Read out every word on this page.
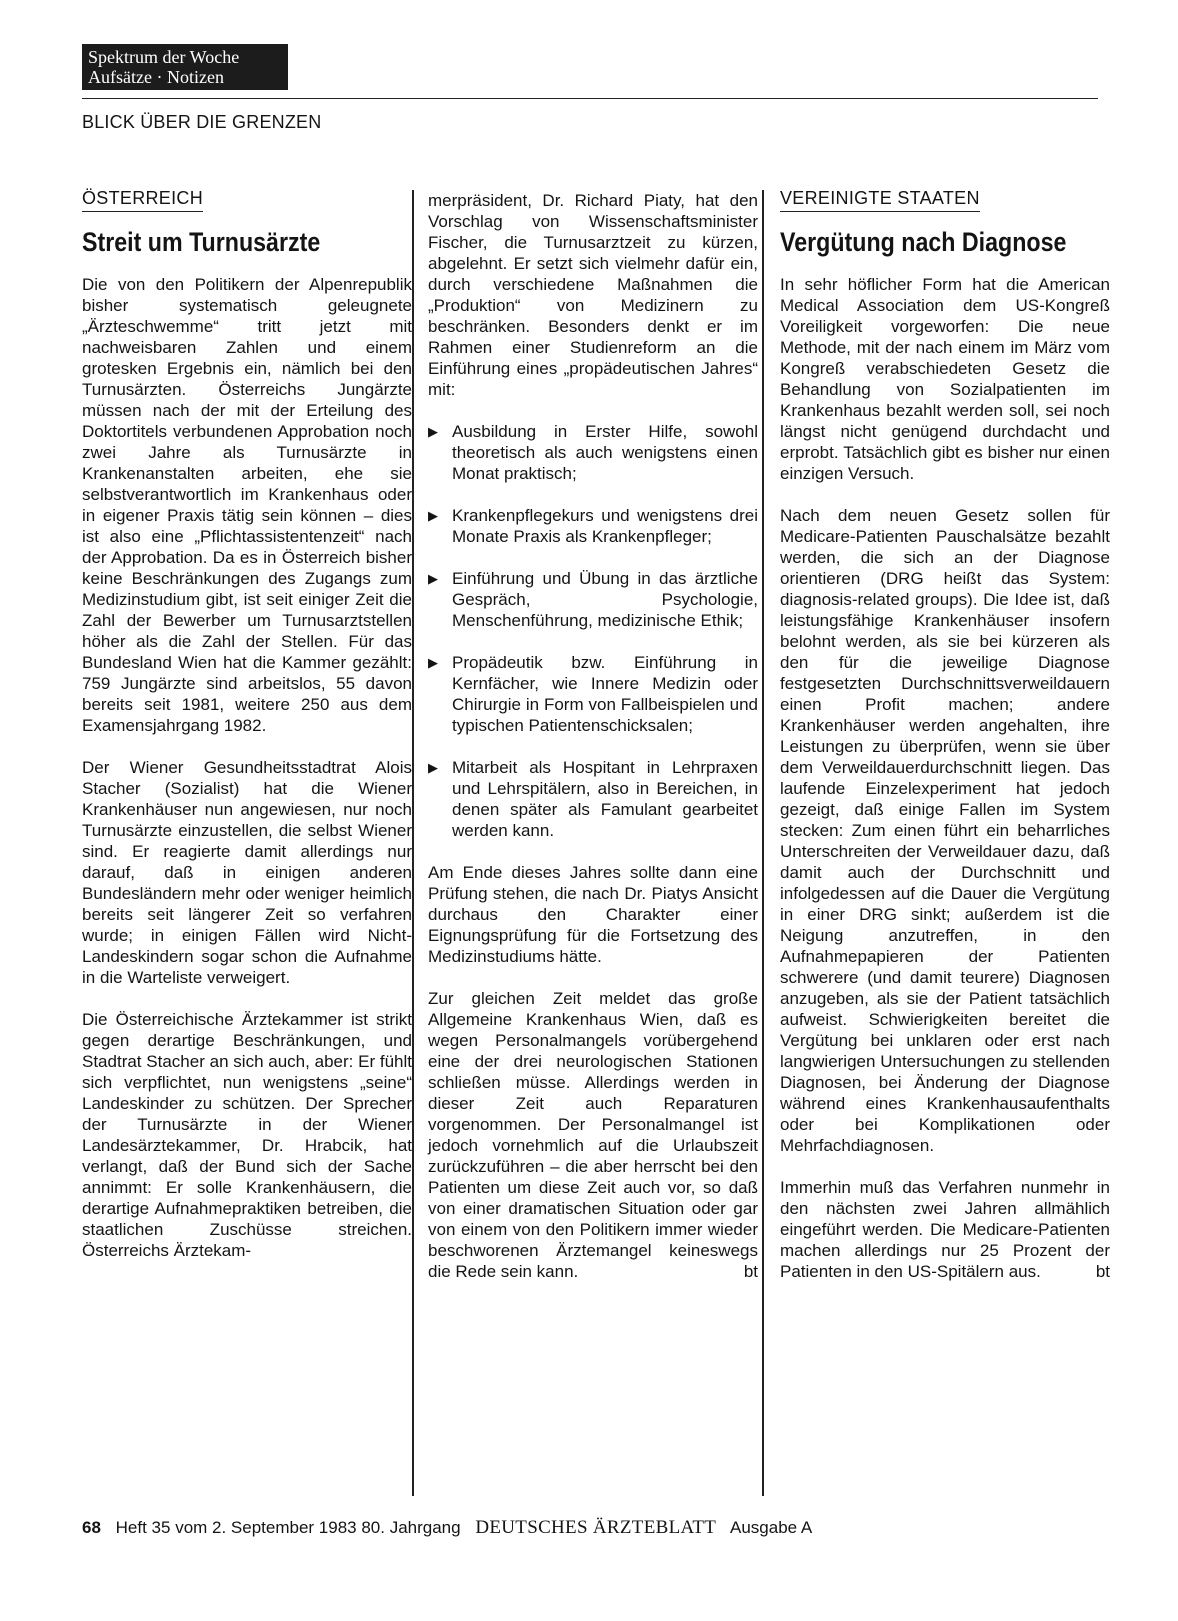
Spektrum der Woche
Aufsätze · Notizen
BLICK ÜBER DIE GRENZEN
ÖSTERREICH
Streit um Turnusärzte

Die von den Politikern der Alpenrepublik bisher systematisch geleugnete „Ärzteschwemme“ tritt jetzt mit nachweisbaren Zahlen und einem grotesken Ergebnis ein, nämlich bei den Turnusärzten. Österreichs Jungärzte müssen nach der mit der Erteilung des Doktortitels verbundenen Approbation noch zwei Jahre als Turnusärzte in Krankenanstalten arbeiten, ehe sie selbstverantwortlich im Krankenhaus oder in eigener Praxis tätig sein können – dies ist also eine „Pflichtassistentenzeit“ nach der Approbation. Da es in Österreich bisher keine Beschränkungen des Zugangs zum Medizinstudium gibt, ist seit einiger Zeit die Zahl der Bewerber um Turnusarztstellen höher als die Zahl der Stellen. Für das Bundesland Wien hat die Kammer gezählt: 759 Jungärzte sind arbeitslos, 55 davon bereits seit 1981, weitere 250 aus dem Examensjahrgang 1982.

Der Wiener Gesundheitsstadtrat Alois Stacher (Sozialist) hat die Wiener Krankenhäuser nun angewiesen, nur noch Turnusärzte einzustellen, die selbst Wiener sind. Er reagierte damit allerdings nur darauf, daß in einigen anderen Bundesländern mehr oder weniger heimlich bereits seit längerer Zeit so verfahren wurde; in einigen Fällen wird Nicht-Landeskindern sogar schon die Aufnahme in die Warteliste verweigert.

Die Österreichische Ärztekammer ist strikt gegen derartige Beschränkungen, und Stadtrat Stacher an sich auch, aber: Er fühlt sich verpflichtet, nun wenigstens „seine“ Landeskinder zu schützen. Der Sprecher der Turnusärzte in der Wiener Landesärztekammer, Dr. Hrabcik, hat verlangt, daß der Bund sich der Sache annimmt: Er solle Krankenhäusern, die derartige Aufnahmepraktiken betreiben, die staatlichen Zuschüsse streichen. Österreichs Ärztekam-

merpräsident, Dr. Richard Piaty, hat den Vorschlag von Wissenschaftsminister Fischer, die Turnusarztzeit zu kürzen, abgelehnt. Er setzt sich vielmehr dafür ein, durch verschiedene Maßnahmen die „Produktion“ von Medizinern zu beschränken. Besonders denkt er im Rahmen einer Studienreform an die Einführung eines „propädeutischen Jahres“ mit:

▶ Ausbildung in Erster Hilfe, sowohl theoretisch als auch wenigstens einen Monat praktisch;
▶ Krankenpflegekurs und wenigstens drei Monate Praxis als Krankenpfleger;
▶ Einführung und Übung in das ärztliche Gespräch, Psychologie, Menschenführung, medizinische Ethik;
▶ Propädeutik bzw. Einführung in Kernfächer, wie Innere Medizin oder Chirurgie in Form von Fallbeispielen und typischen Patientenschicksalen;
▶ Mitarbeit als Hospitant in Lehrpraxen und Lehrspitälern, also in Bereichen, in denen später als Famulant gearbeitet werden kann.

Am Ende dieses Jahres sollte dann eine Prüfung stehen, die nach Dr. Piatys Ansicht durchaus den Charakter einer Eignungsprüfung für die Fortsetzung des Medizinstudiums hätte.

Zur gleichen Zeit meldet das große Allgemeine Krankenhaus Wien, daß es wegen Personalmangels vorübergehend eine der drei neurologischen Stationen schließen müsse. Allerdings werden in dieser Zeit auch Reparaturen vorgenommen. Der Personalmangel ist jedoch vornehmlich auf die Urlaubszeit zurückzuführen – die aber herrscht bei den Patienten um diese Zeit auch vor, so daß von einer dramatischen Situation oder gar von einem von den Politikern immer wieder beschworenen Ärztemangel keineswegs die Rede sein kann.	bt

VEREINIGTE STAATEN
Vergütung nach Diagnose

In sehr höflicher Form hat die American Medical Association dem US-Kongreß Voreiligkeit vorgeworfen: Die neue Methode, mit der nach einem im März vom Kongreß verabschiedeten Gesetz die Behandlung von Sozialpatienten im Krankenhaus bezahlt werden soll, sei noch längst nicht genügend durchdacht und erprobt. Tatsächlich gibt es bisher nur einen einzigen Versuch.

Nach dem neuen Gesetz sollen für Medicare-Patienten Pauschalsätze bezahlt werden, die sich an der Diagnose orientieren (DRG heißt das System: diagnosis-related groups). Die Idee ist, daß leistungsfähige Krankenhäuser insofern belohnt werden, als sie bei kürzeren als den für die jeweilige Diagnose festgesetzten Durchschnittsverweildauern einen Profit machen; andere Krankenhäuser werden angehalten, ihre Leistungen zu überprüfen, wenn sie über dem Verweildauerdurchschnitt liegen. Das laufende Einzelexperiment hat jedoch gezeigt, daß einige Fallen im System stecken: Zum einen führt ein beharrliches Unterschreiten der Verweildauer dazu, daß damit auch der Durchschnitt und infolgedessen auf die Dauer die Vergütung in einer DRG sinkt; außerdem ist die Neigung anzutreffen, in den Aufnahmepapieren der Patienten schwerere (und damit teurere) Diagnosen anzugeben, als sie der Patient tatsächlich aufweist. Schwierigkeiten bereitet die Vergütung bei unklaren oder erst nach langwierigen Untersuchungen zu stellenden Diagnosen, bei Änderung der Diagnose während eines Krankenhausaufenthalts oder bei Komplikationen oder Mehrfachdiagnosen.

Immerhin muß das Verfahren nunmehr in den nächsten zwei Jahren allmählich eingeführt werden. Die Medicare-Patienten machen allerdings nur 25 Prozent der Patienten in den US-Spitälern aus.	bt

68 Heft 35 vom 2. September 1983 80. Jahrgang DEUTSCHES ÄRZTEBLATT Ausgabe A
